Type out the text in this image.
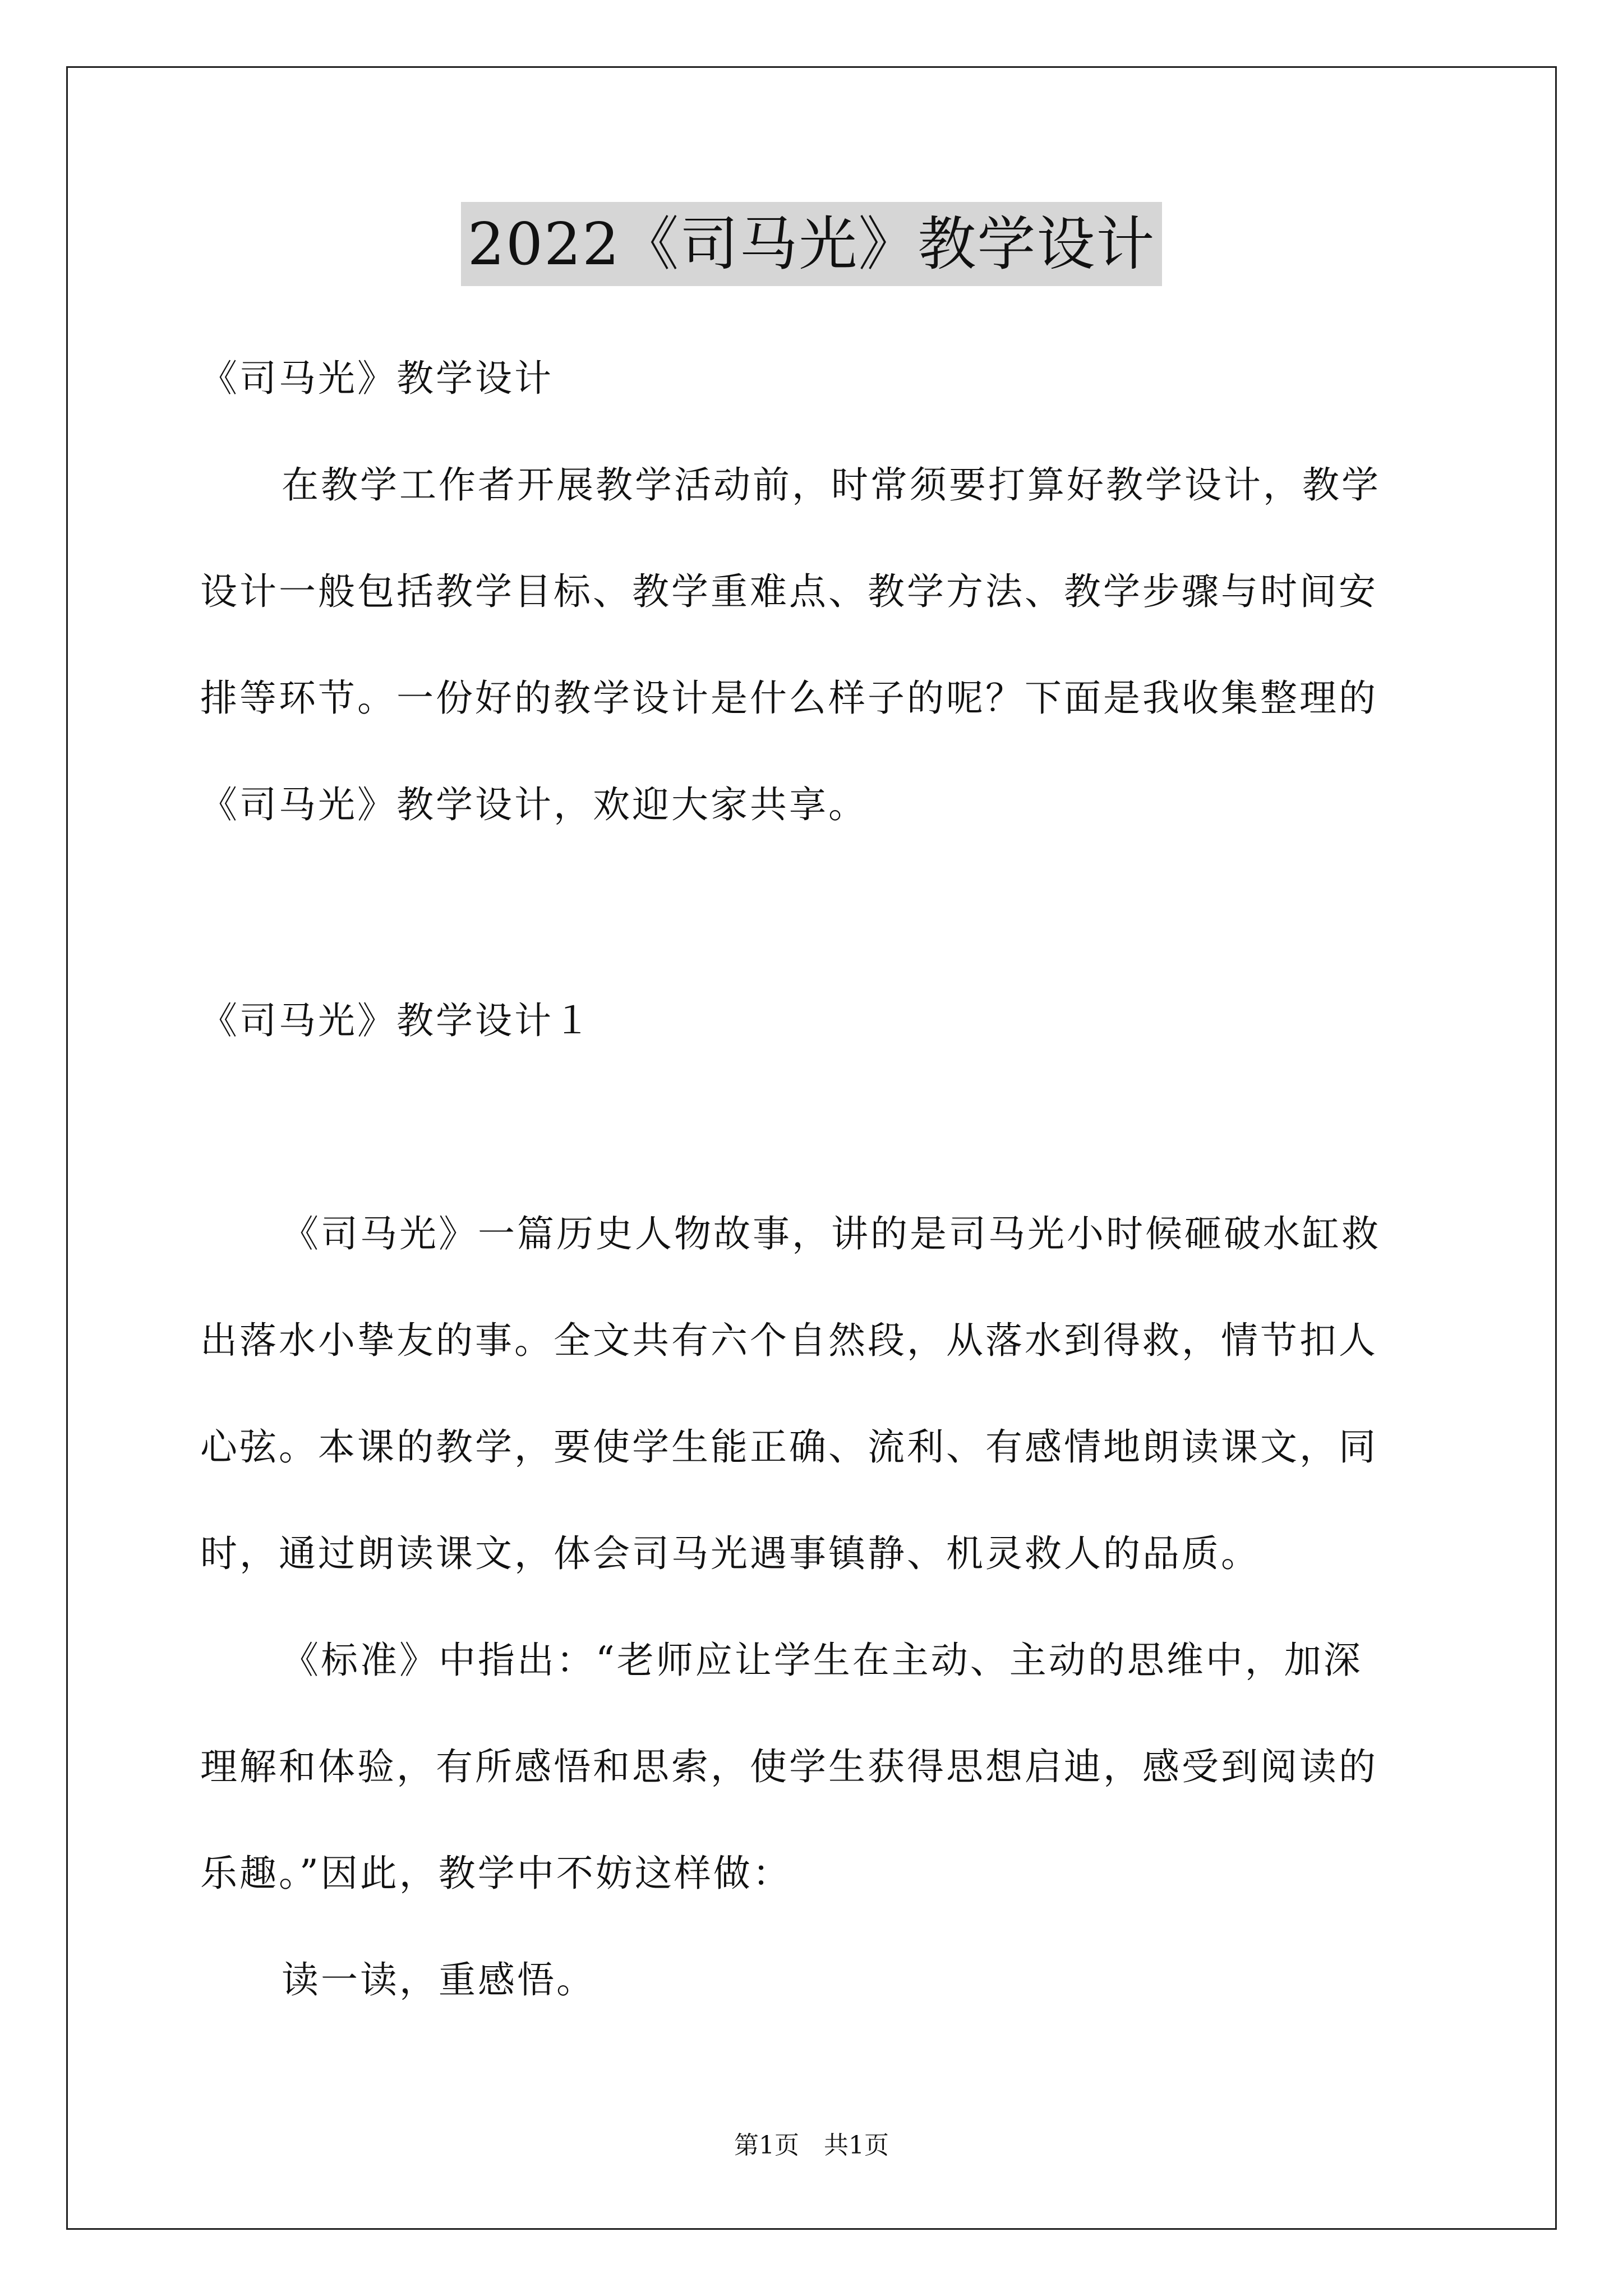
2022《司马光》教学设计
《司马光》教学设计
在教学工作者开展教学活动前，时常须要打算好教学设计，教学
设计一般包括教学目标、教学重难点、教学方法、教学步骤与时间安
排等环节。一份好的教学设计是什么样子的呢？下面是我收集整理的
《司马光》教学设计，欢迎大家共享。
《司马光》教学设计１
《司马光》一篇历史人物故事，讲的是司马光小时候砸破水缸救
出落水小挚友的事。全文共有六个自然段，从落水到得救，情节扣人
心弦。本课的教学，要使学生能正确、流利、有感情地朗读课文，同
时，通过朗读课文，体会司马光遇事镇静、机灵救人的品质。
《标准》中指出：“老师应让学生在主动、主动的思维中，加深
理解和体验，有所感悟和思索，使学生获得思想启迪，感受到阅读的
乐趣。”因此，教学中不妨这样做：
读一读，重感悟。
第1页　共1页
